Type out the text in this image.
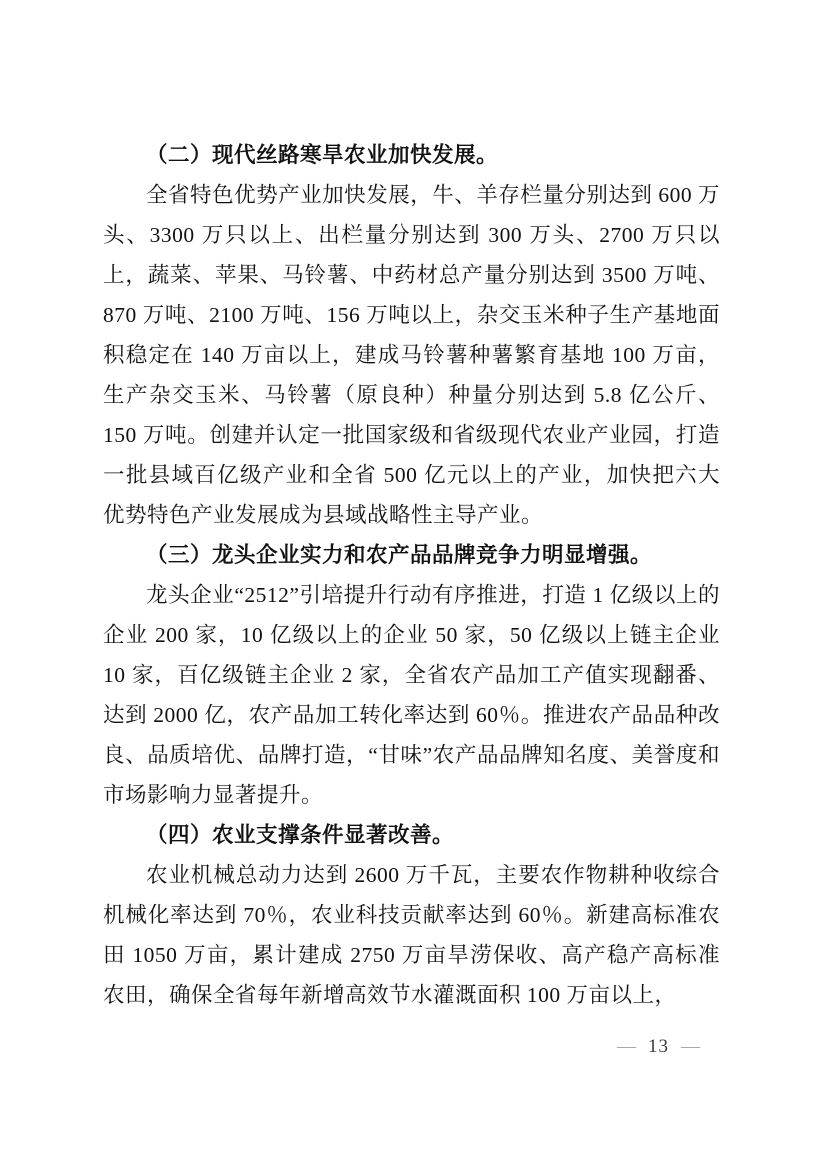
（二）现代丝路寒旱农业加快发展。

全省特色优势产业加快发展，牛、羊存栏量分别达到 600 万头、3300 万只以上、出栏量分别达到 300 万头、2700 万只以上，蔬菜、苹果、马铃薯、中药材总产量分别达到 3500 万吨、870 万吨、2100 万吨、156 万吨以上，杂交玉米种子生产基地面积稳定在 140 万亩以上，建成马铃薯种薯繁育基地 100 万亩，生产杂交玉米、马铃薯（原良种）种量分别达到 5.8 亿公斤、150 万吨。创建并认定一批国家级和省级现代农业产业园，打造一批县域百亿级产业和全省 500 亿元以上的产业，加快把六大优势特色产业发展成为县域战略性主导产业。

（三）龙头企业实力和农产品品牌竞争力明显增强。

龙头企业“2512”引培提升行动有序推进，打造 1 亿级以上的企业 200 家，10 亿级以上的企业 50 家，50 亿级以上链主企业 10 家，百亿级链主企业 2 家，全省农产品加工产值实现翻番、达到 2000 亿，农产品加工转化率达到 60％。推进农产品品种改良、品质培优、品牌打造，“甘味”农产品品牌知名度、美誉度和市场影响力显著提升。

（四）农业支撑条件显著改善。

农业机械总动力达到 2600 万千瓦，主要农作物耕种收综合机械化率达到 70％，农业科技贡献率达到 60％。新建高标准农田 1050 万亩，累计建成 2750 万亩旱涝保收、高产稳产高标准农田，确保全省每年新增高效节水灌溉面积 100 万亩以上，

— 13 —
